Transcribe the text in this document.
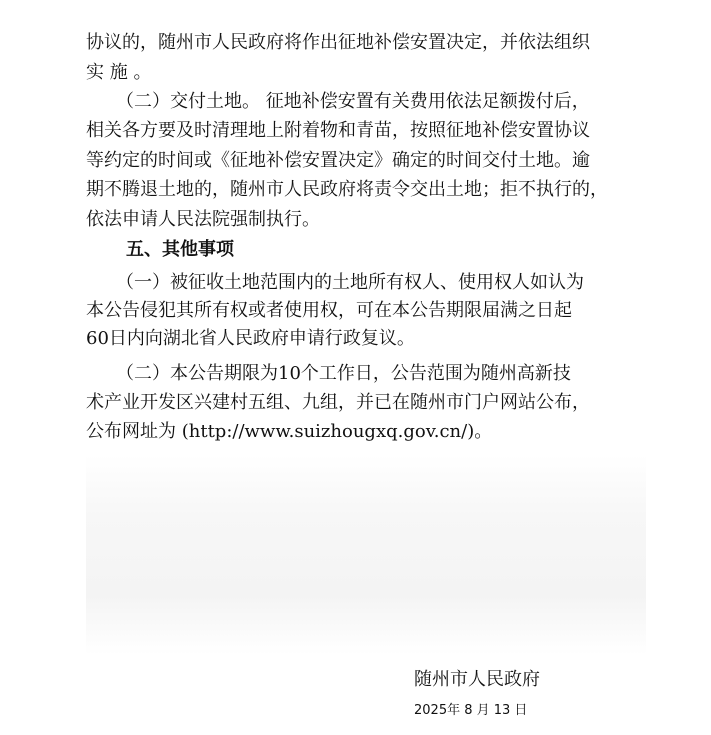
协议的，随州市人民政府将作出征地补偿安置决定，并依法组织
实 施 。
（二）交付土地。 征地补偿安置有关费用依法足额拨付后，
相关各方要及时清理地上附着物和青苗，按照征地补偿安置协议
等约定的时间或《征地补偿安置决定》确定的时间交付土地。逾
期不腾退土地的，随州市人民政府将责令交出土地；拒不执行的，
依法申请人民法院强制执行。
五、其他事项
（一）被征收土地范围内的土地所有权人、使用权人如认为
本公告侵犯其所有权或者使用权，可在本公告期限届满之日起
60日内向湖北省人民政府申请行政复议。
（二）本公告期限为10个工作日，公告范围为随州高新技
术产业开发区兴建村五组、九组，并已在随州市门户网站公布，
公布网址为 (http://www.suizhougxq.gov.cn/)。
随州市人民政府
2025年 8 月 13 日
